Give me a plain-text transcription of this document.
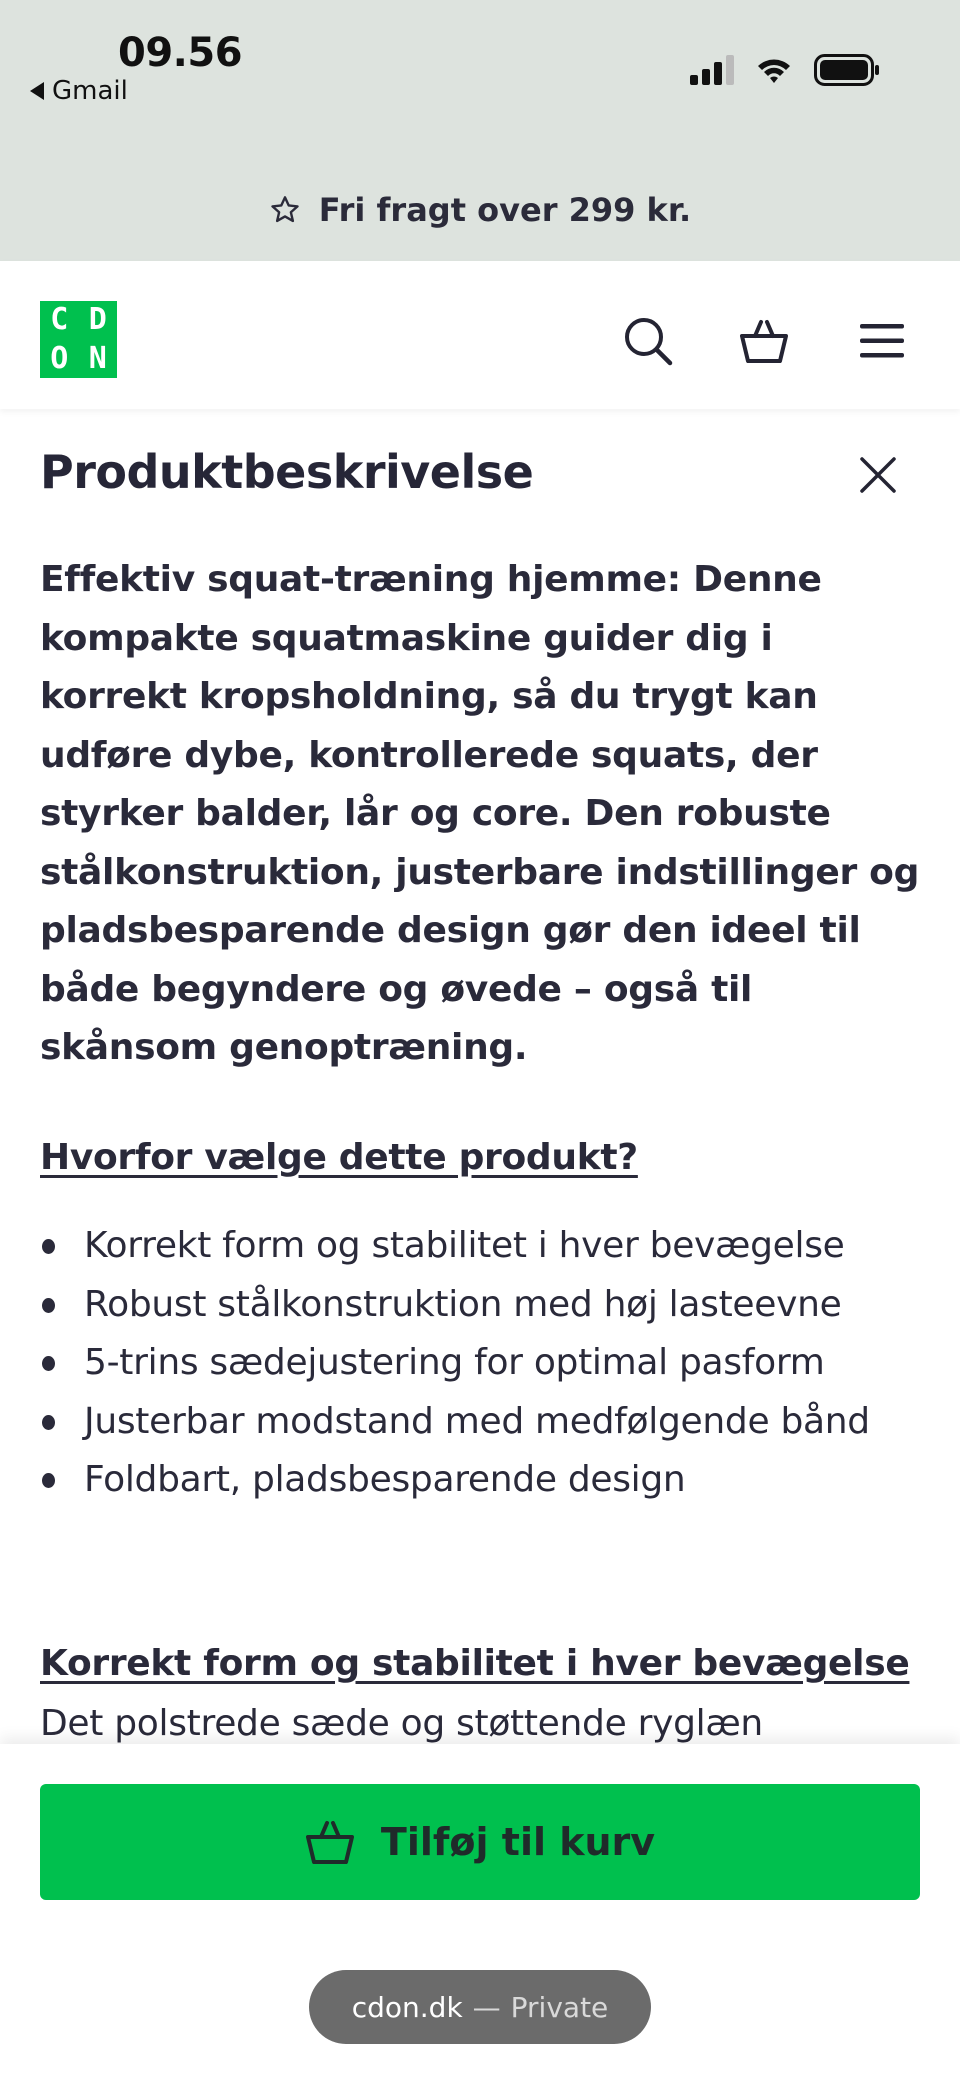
09.56
Gmail
Fri fragt over 299 kr.
C D
O N
Produktbeskrivelse

Effektiv squat-træning hjemme: Denne kompakte squatmaskine guider dig i korrekt kropsholdning, så du trygt kan udføre dybe, kontrollerede squats, der styrker balder, lår og core. Den robuste stålkonstruktion, justerbare indstillinger og pladsbesparende design gør den ideel til både begyndere og øvede – også til skånsom genoptræning.

Hvorfor vælge dette produkt?
Korrekt form og stabilitet i hver bevægelse
Robust stålkonstruktion med høj lasteevne
5-trins sædejustering for optimal pasform
Justerbar modstand med medfølgende bånd
Foldbart, pladsbesparende design
Korrekt form og stabilitet i hver bevægelse

Det polstrede sæde og støttende ryglæn

Tilføj til kurv
cdon.dk — Private
